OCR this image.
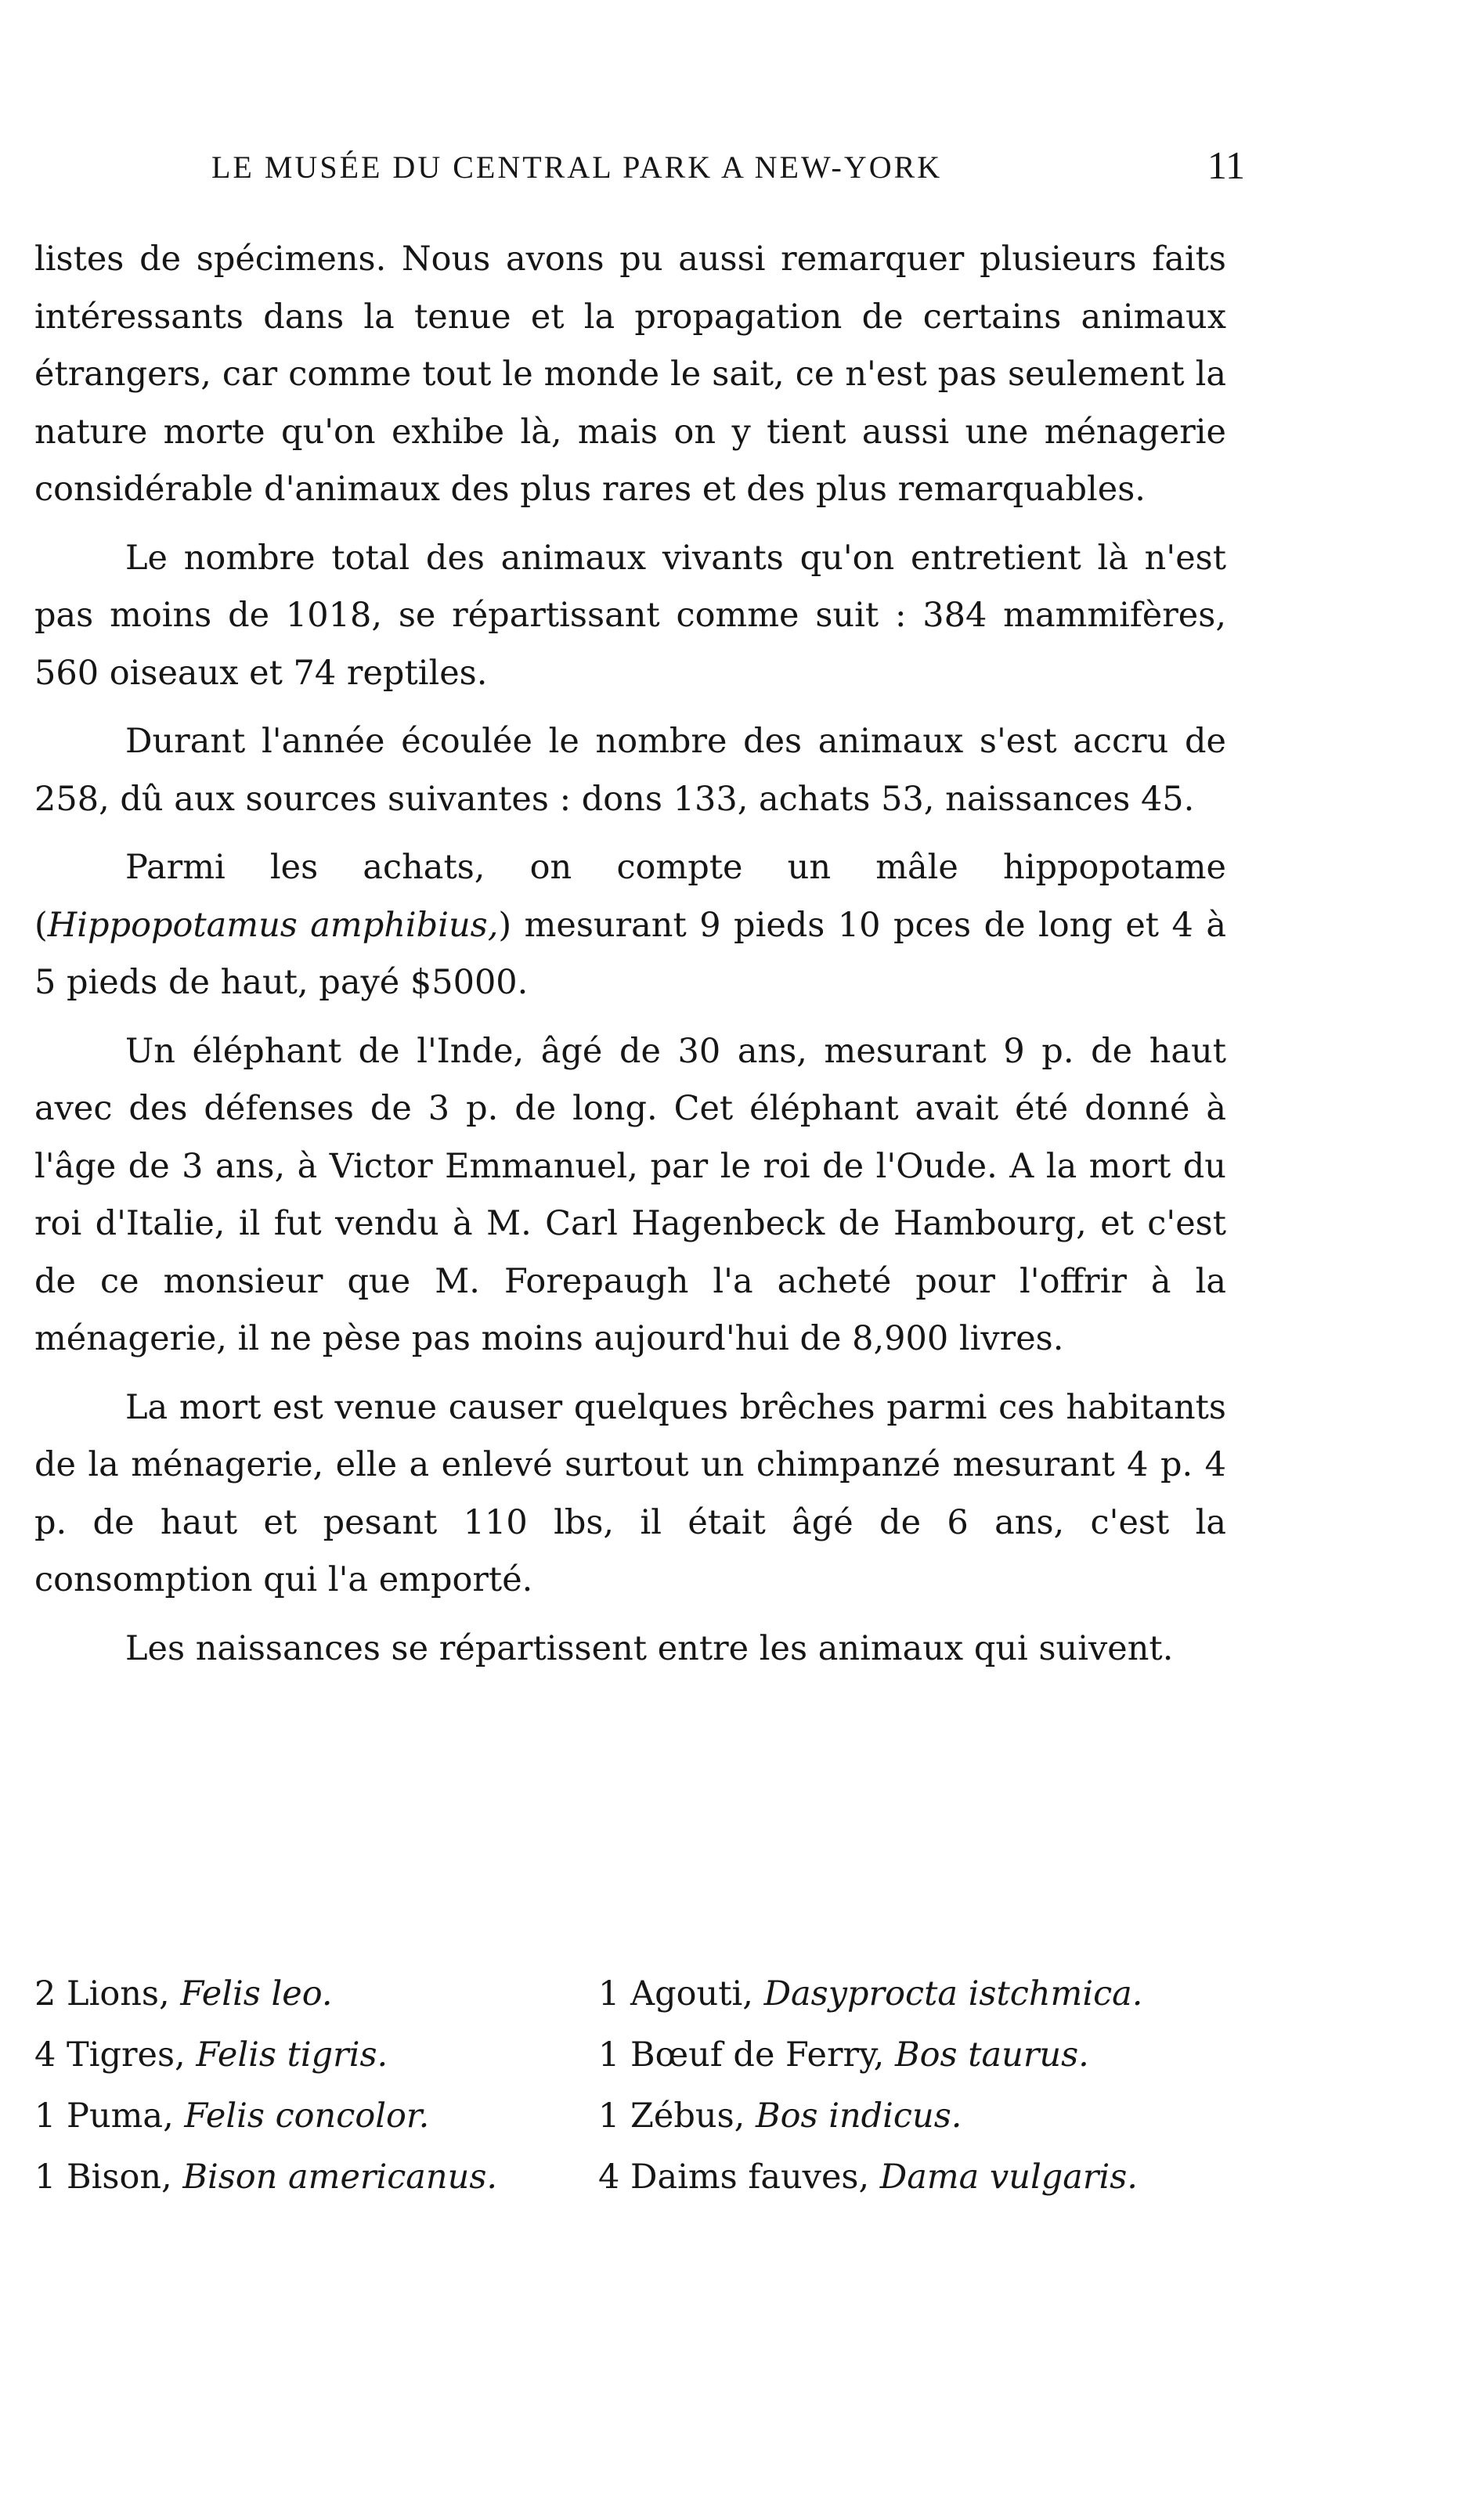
LE MUSÉE DU CENTRAL PARK A NEW-YORK	11

listes de spécimens. Nous avons pu aussi remarquer plusieurs faits intéressants dans la tenue et la propagation de certains animaux étrangers, car comme tout le monde le sait, ce n'est pas seulement la nature morte qu'on exhibe là, mais on y tient aussi une ménagerie considérable d'animaux des plus rares et des plus remarquables.

Le nombre total des animaux vivants qu'on entretient là n'est pas moins de 1018, se répartissant comme suit : 384 mammifères, 560 oiseaux et 74 reptiles.

Durant l'année écoulée le nombre des animaux s'est accru de 258, dû aux sources suivantes : dons 133, achats 53, naissances 45.

Parmi les achats, on compte un mâle hippopotame (Hippopotamus amphibius,) mesurant 9 pieds 10 pces de long et 4 à 5 pieds de haut, payé $5000.

Un éléphant de l'Inde, âgé de 30 ans, mesurant 9 p. de haut avec des défenses de 3 p. de long. Cet éléphant avait été donné à l'âge de 3 ans, à Victor Emmanuel, par le roi de l'Oude. A la mort du roi d'Italie, il fut vendu à M. Carl Hagenbeck de Hambourg, et c'est de ce monsieur que M. Forepaugh l'a acheté pour l'offrir à la ménagerie, il ne pèse pas moins aujourd'hui de 8,900 livres.

La mort est venue causer quelques brêches parmi ces habitants de la ménagerie, elle a enlevé surtout un chimpanzé mesurant 4 p. 4 p. de haut et pesant 110 lbs, il était âgé de 6 ans, c'est la consomption qui l'a emporté.

Les naissances se répartissent entre les animaux qui suivent.

2 Lions, Felis leo.	1 Agouti, Dasyprocta istchmica.
4 Tigres, Felis tigris.	1 Bœuf de Ferry, Bos taurus.
1 Puma, Felis concolor.	1 Zébus, Bos indicus.
1 Bison, Bison americanus.	4 Daims fauves, Dama vulgaris.
